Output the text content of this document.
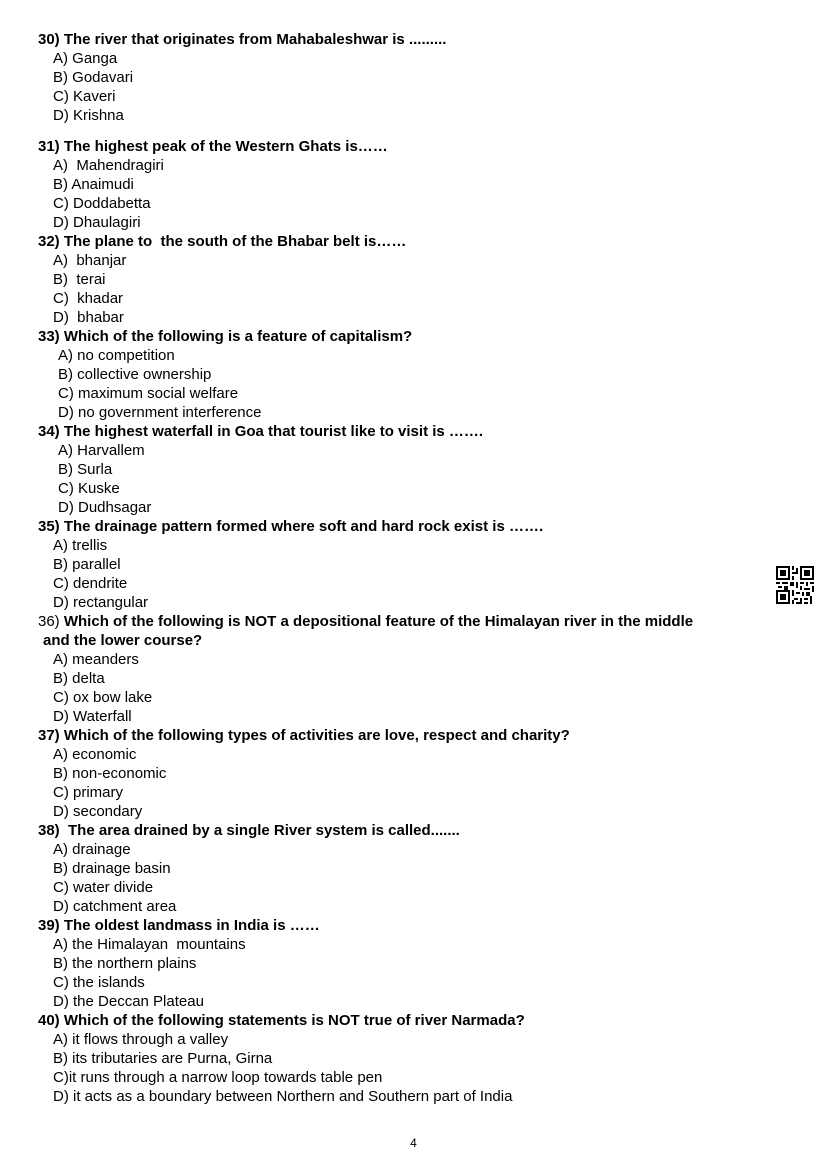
30) The river that originates from Mahabaleshwar is .........
A) Ganga
B) Godavari
C) Kaveri
D) Krishna
31) The highest peak of the Western Ghats is……
A)  Mahendragiri
B) Anaimudi
C) Doddabetta
D) Dhaulagiri
32) The plane to  the south of the Bhabar belt is……
A)  bhanjar
B)  terai
C)  khadar
D)  bhabar
33) Which of the following is a feature of capitalism?
A) no competition
B) collective ownership
C) maximum social welfare
D) no government interference
34) The highest waterfall in Goa that tourist like to visit is …….
A) Harvallem
B) Surla
C) Kuske
D) Dudhsagar
35) The drainage pattern formed where soft and hard rock exist is …….
A) trellis
B) parallel
C) dendrite
D) rectangular
36) Which of the following is NOT a depositional feature of the Himalayan river in the middle
and the lower course?
A) meanders
B) delta
C) ox bow lake
D) Waterfall
37) Which of the following types of activities are love, respect and charity?
A) economic
B) non-economic
C) primary
D) secondary
38)  The area drained by a single River system is called.......
A) drainage
B) drainage basin
C) water divide
D) catchment area
39) The oldest landmass in India is ……
A) the Himalayan  mountains
B) the northern plains
C) the islands
D) the Deccan Plateau
40) Which of the following statements is NOT true of river Narmada?
A) it flows through a valley
B) its tributaries are Purna, Girna
C)it runs through a narrow loop towards table pen
D) it acts as a boundary between Northern and Southern part of India
4
